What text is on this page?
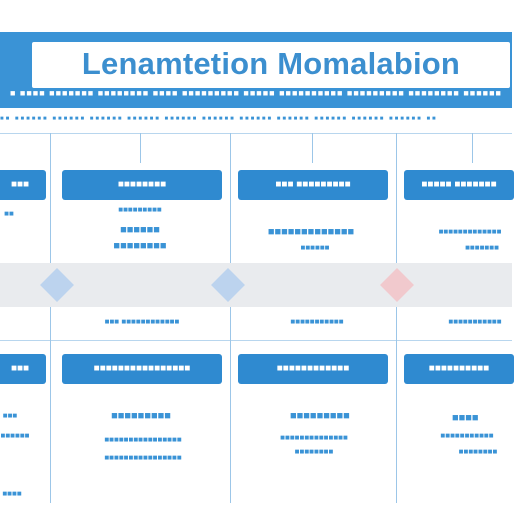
Lenamtetion Momalabion
■ ■■■■ ■■■■■■■ ■■■■■■■■ ■■■■ ■■■■■■■■■ ■■■■■ ■■■■■■■■■■ ■■■■■■■■■ ■■■■■■■■ ■■■■■■
■■ ■■■■■■ ■■■■■■ ■■■■■■ ■■■■■■ ■■■■■■ ■■■■■■ ■■■■■■ ■■■■■■ ■■■■■■ ■■■■■■ ■■■■■■ ■■
■■■
■■
■■■■■■■■
■■■■■■■■■
■■■■■■
■■■■■■■■
■■■ ■■■■■■■■■
■■■■■■■■■■■■■
■■■■■■
■■■■■ ■■■■■■■
■■■■■■■■■■■■■
■■■■■■■
■■■ ■■■■■■■■■■■■	■■■■■■■■■■■	■■■■■■■■■■■
■■■
■■■
■■■■■■
■■■■
■■■■■■■■■■■■■■■■
■■■■■■■■■
■■■■■■■■■■■■■■■■
■■■■■■■■■■■■■■■■
■■■■■■■■■■■■
■■■■■■■■■
■■■■■■■■■■■■■■
■■■■■■■■
■■■■■■■■■■
■■■■
■■■■■■■■■■■
■■■■■■■■
